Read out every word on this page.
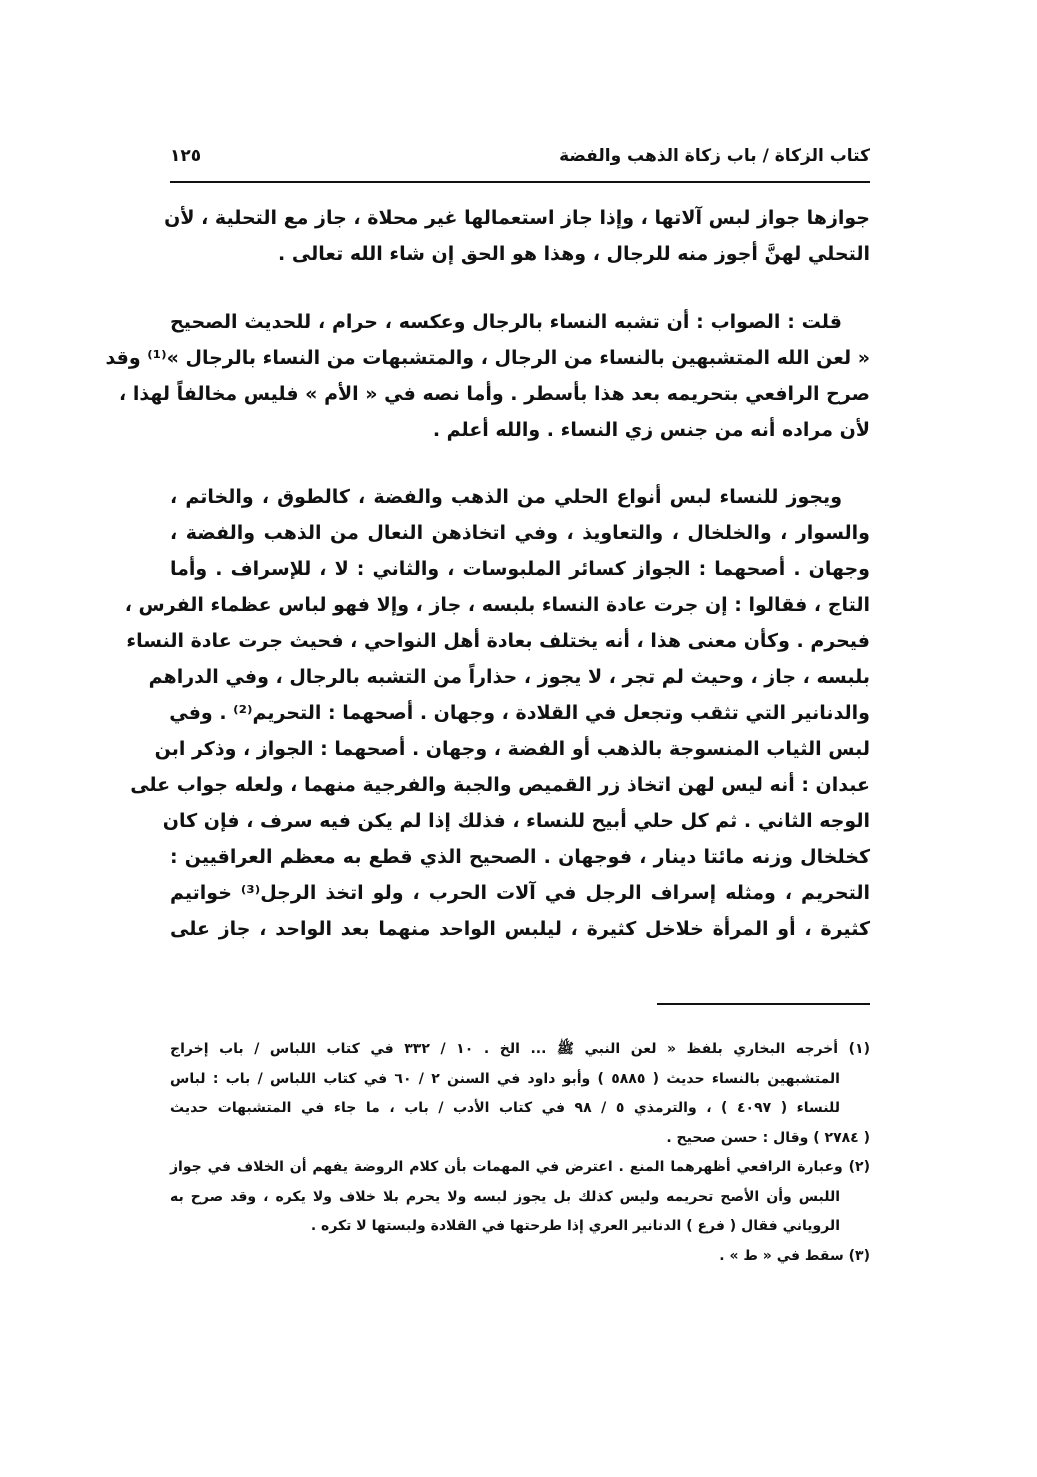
كتاب الزكاة / باب زكاة الذهب والفضة
١٢٥
جوازها جواز لبس آلاتها ، وإذا جاز استعمالها غير محلاة ، جاز مع التحلية ، لأن
التحلي لهنَّ أجوز منه للرجال ، وهذا هو الحق إن شاء الله تعالى .
قلت : الصواب : أن تشبه النساء بالرجال وعكسه ، حرام ، للحديث الصحيح
« لعن الله المتشبهين بالنساء من الرجال ، والمتشبهات من النساء بالرجال »⁽¹⁾ وقد
صرح الرافعي بتحريمه بعد هذا بأسطر . وأما نصه في « الأم » فليس مخالفاً لهذا ،
لأن مراده أنه من جنس زي النساء . والله أعلم .
ويجوز للنساء لبس أنواع الحلي من الذهب والفضة ، كالطوق ، والخاتم ،
والسوار ، والخلخال ، والتعاويذ ، وفي اتخاذهن النعال من الذهب والفضة ،
وجهان . أصحهما : الجواز كسائر الملبوسات ، والثاني : لا ، للإسراف . وأما
التاج ، فقالوا : إن جرت عادة النساء بلبسه ، جاز ، وإلا فهو لباس عظماء الفرس ،
فيحرم . وكأن معنى هذا ، أنه يختلف بعادة أهل النواحي ، فحيث جرت عادة النساء
بلبسه ، جاز ، وحيث لم تجر ، لا يجوز ، حذاراً من التشبه بالرجال ، وفي الدراهم
والدنانير التي تثقب وتجعل في القلادة ، وجهان . أصحهما : التحريم⁽²⁾ . وفي
لبس الثياب المنسوجة بالذهب أو الفضة ، وجهان . أصحهما : الجواز ، وذكر ابن
عبدان : أنه ليس لهن اتخاذ زر القميص والجبة والفرجية منهما ، ولعله جواب على
الوجه الثاني . ثم كل حلي أبيح للنساء ، فذلك إذا لم يكن فيه سرف ، فإن كان
كخلخال وزنه مائتا دينار ، فوجهان . الصحيح الذي قطع به معظم العراقيين :
التحريم ، ومثله إسراف الرجل في آلات الحرب ، ولو اتخذ الرجل⁽³⁾ خواتيم
كثيرة ، أو المرأة خلاخل كثيرة ، ليلبس الواحد منهما بعد الواحد ، جاز على
(١) أخرجه البخاري بلفظ « لعن النبي ﷺ ... الخ . ١٠ / ٣٣٢ في كتاب اللباس / باب إخراج
المتشبهين بالنساء حديث ( ٥٨٨٥ ) وأبو داود في السنن ٢ / ٦٠ في كتاب اللباس / باب : لباس
للنساء ( ٤٠٩٧ ) ، والترمذي ٥ / ٩٨ في كتاب الأدب / باب ، ما جاء في المتشبهات حديث
( ٢٧٨٤ ) وقال : حسن صحيح .
(٢) وعبارة الرافعي أظهرهما المنع . اعترض في المهمات بأن كلام الروضة يفهم أن الخلاف في جواز
اللبس وأن الأصح تحريمه وليس كذلك بل يجوز لبسه ولا يحرم بلا خلاف ولا يكره ، وقد صرح به
الروياني فقال ( فرع ) الدنانير العري إذا طرحتها في القلادة ولبستها لا تكره .
(٣) سقط في « ط » .
